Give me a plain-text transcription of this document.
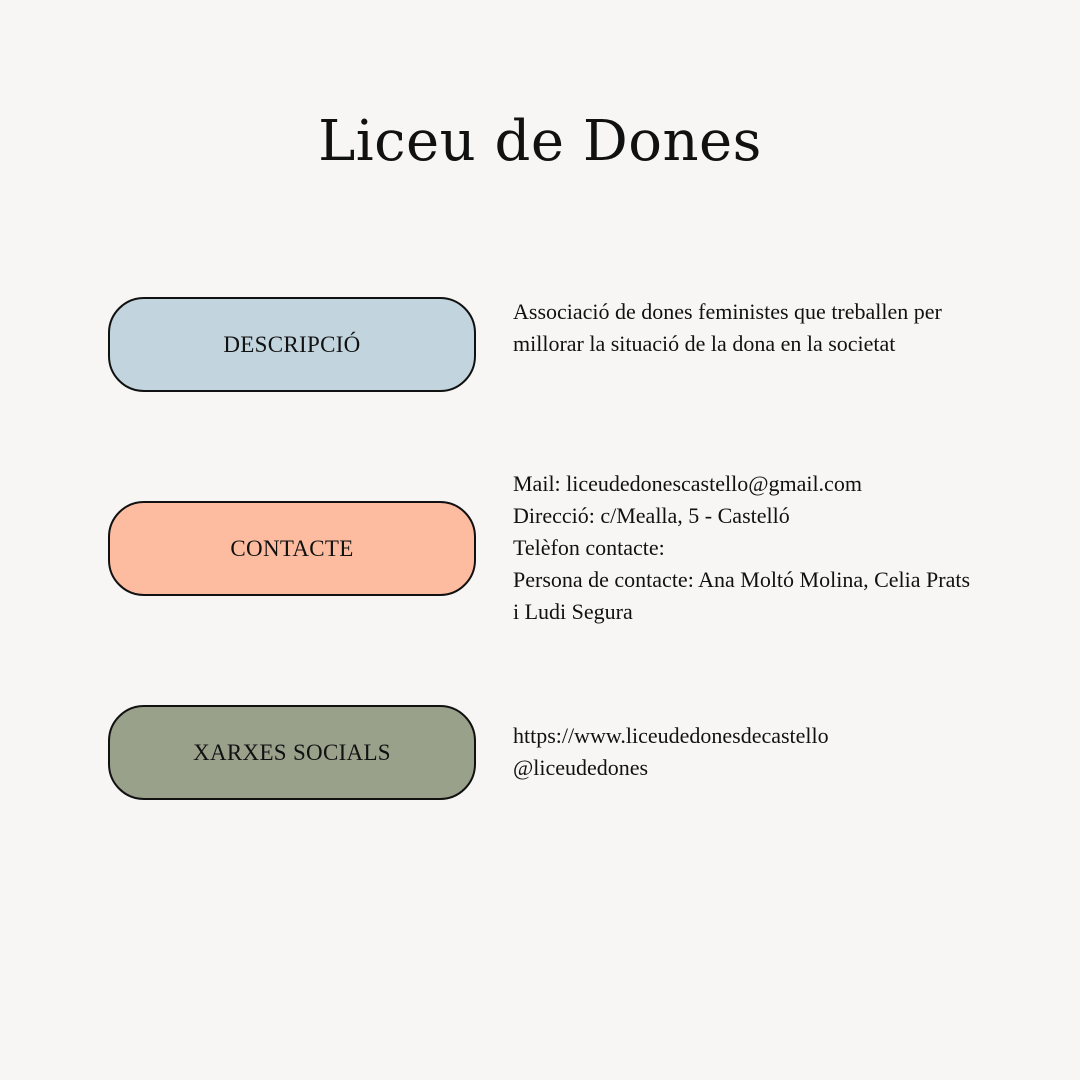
Liceu de Dones
DESCRIPCIÓ
Associació de dones feministes que treballen per
millorar la situació de la dona en la societat
CONTACTE
Mail: liceudedonescastello@gmail.com
Direcció: c/Mealla, 5 - Castelló
Telèfon contacte:
Persona de contacte: Ana Moltó Molina, Celia Prats
i Ludi Segura
XARXES SOCIALS
https://www.liceudedonesdecastello
@liceudedones
